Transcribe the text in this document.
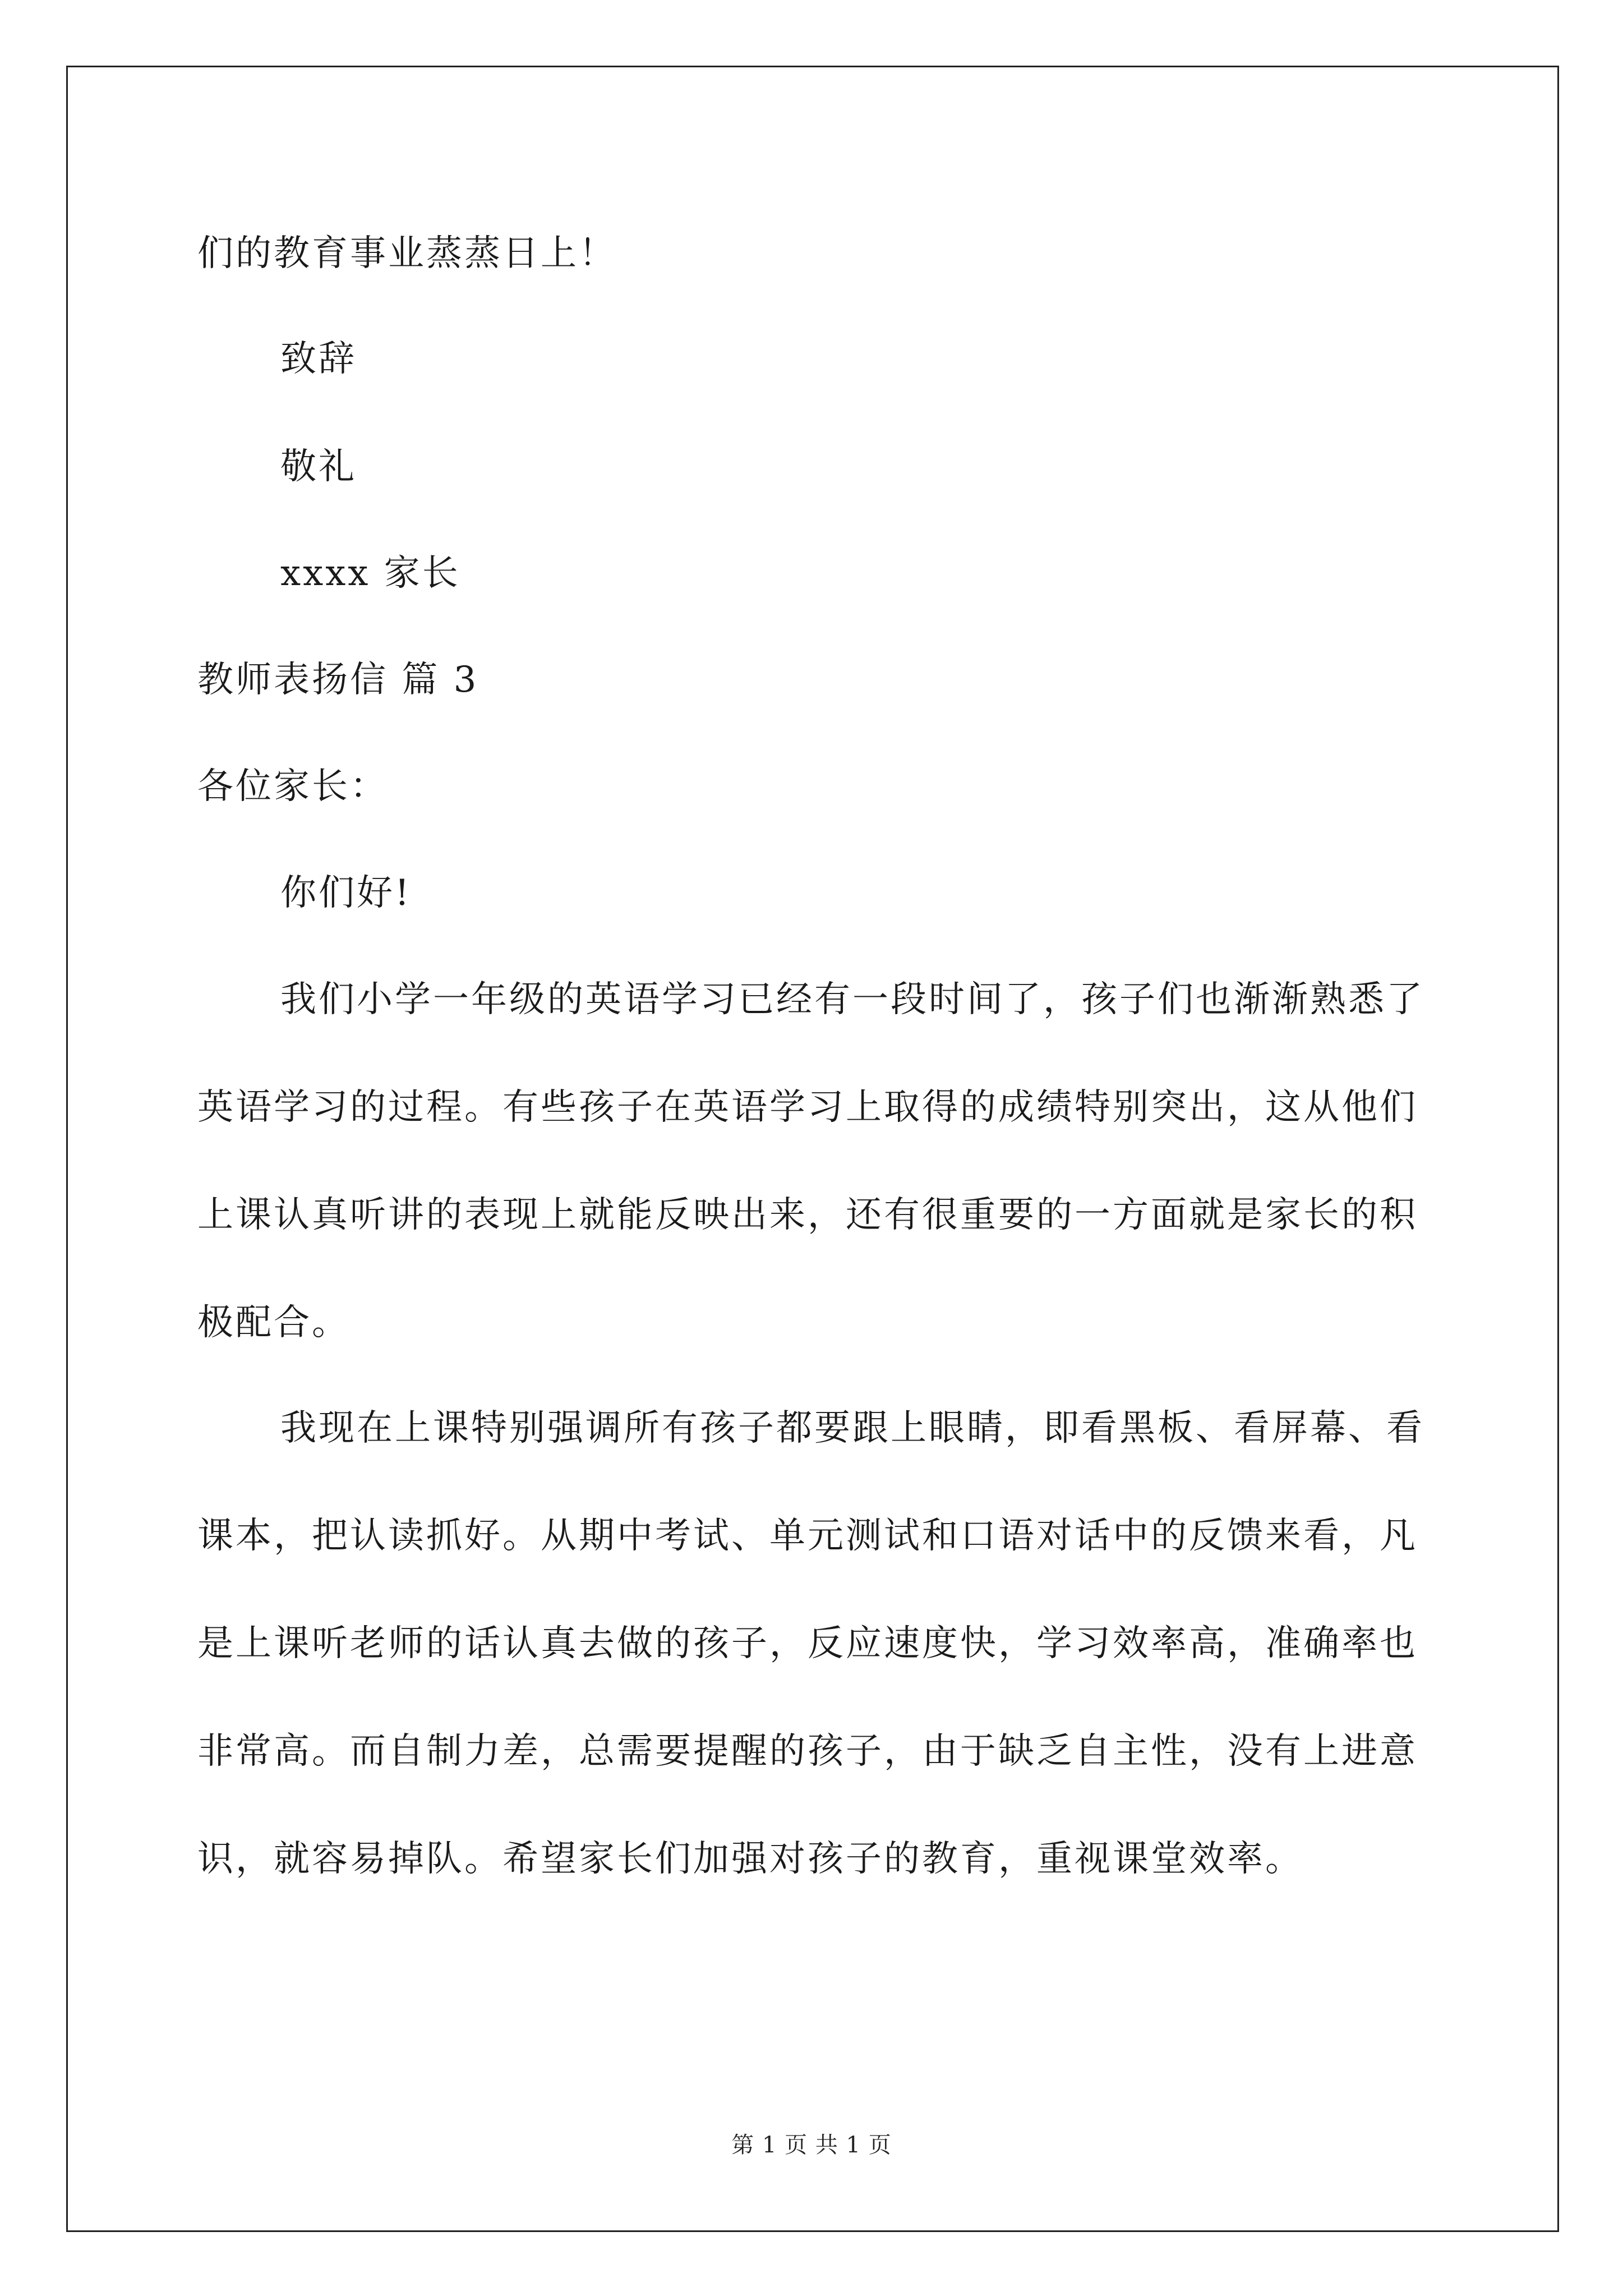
们的教育事业蒸蒸日上！
致辞
敬礼
xxxx 家长
教师表扬信 篇 3
各位家长：
你们好!

我们小学一年级的英语学习已经有一段时间了，孩子们也渐渐熟悉了英语学习的过程。有些孩子在英语学习上取得的成绩特别突出，这从他们上课认真听讲的表现上就能反映出来，还有很重要的一方面就是家长的积极配合。

我现在上课特别强调所有孩子都要跟上眼睛，即看黑板、看屏幕、看课本，把认读抓好。从期中考试、单元测试和口语对话中的反馈来看，凡是上课听老师的话认真去做的孩子，反应速度快，学习效率高，准确率也非常高。而自制力差，总需要提醒的孩子，由于缺乏自主性，没有上进意识，就容易掉队。希望家长们加强对孩子的教育，重视课堂效率。

第 1 页 共 1 页
